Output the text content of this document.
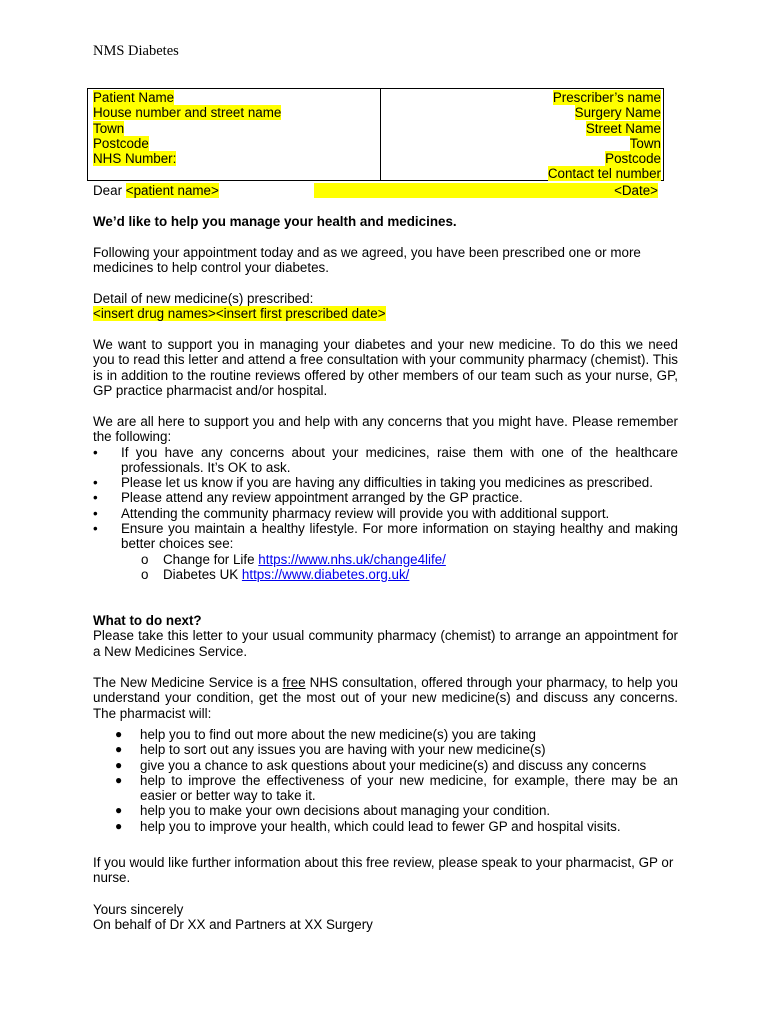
NMS Diabetes
Patient Name
House number and street name
Town
Postcode
NHS Number:
Prescriber’s name
Surgery Name
Street Name
Town
Postcode
Contact tel number
Dear <patient name>	<Date>
We’d like to help you manage your health and medicines.
Following your appointment today and as we agreed, you have been prescribed one or more medicines to help control your diabetes.
Detail of new medicine(s) prescribed:
<insert drug names><insert first prescribed date>
We want to support you in managing your diabetes and your new medicine. To do this we need you to read this letter and attend a free consultation with your community pharmacy (chemist). This is in addition to the routine reviews offered by other members of our team such as your nurse, GP, GP practice pharmacist and/or hospital.
We are all here to support you and help with any concerns that you might have. Please remember the following:
• If you have any concerns about your medicines, raise them with one of the healthcare professionals. It’s OK to ask.
• Please let us know if you are having any difficulties in taking you medicines as prescribed.
• Please attend any review appointment arranged by the GP practice.
• Attending the community pharmacy review will provide you with additional support.
• Ensure you maintain a healthy lifestyle. For more information on staying healthy and making better choices see:
o Change for Life https://www.nhs.uk/change4life/
o Diabetes UK https://www.diabetes.org.uk/
What to do next?
Please take this letter to your usual community pharmacy (chemist) to arrange an appointment for a New Medicines Service.
The New Medicine Service is a free NHS consultation, offered through your pharmacy, to help you understand your condition, get the most out of your new medicine(s) and discuss any concerns. The pharmacist will:
● help you to find out more about the new medicine(s) you are taking
● help to sort out any issues you are having with your new medicine(s)
● give you a chance to ask questions about your medicine(s) and discuss any concerns
● help to improve the effectiveness of your new medicine, for example, there may be an easier or better way to take it.
● help you to make your own decisions about managing your condition.
● help you to improve your health, which could lead to fewer GP and hospital visits.
If you would like further information about this free review, please speak to your pharmacist, GP or nurse.
Yours sincerely
On behalf of Dr XX and Partners at XX Surgery
